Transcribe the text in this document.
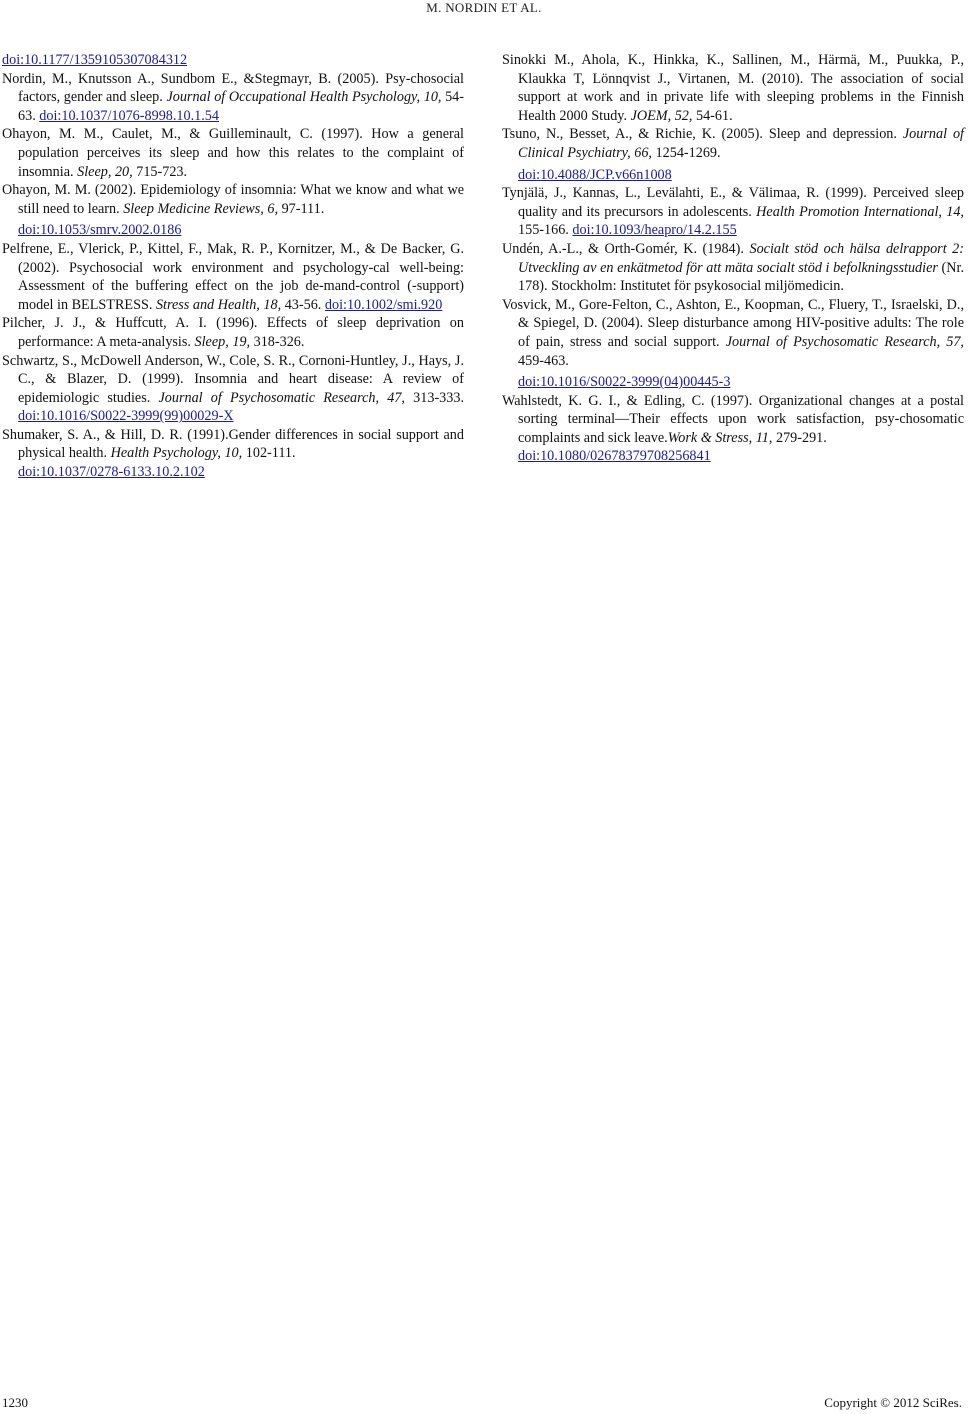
M. NORDIN ET AL.

doi:10.1177/1359105307084312

Nordin, M., Knutsson A., Sundbom E., &Stegmayr, B. (2005). Psy-chosocial factors, gender and sleep. Journal of Occupational Health Psychology, 10, 54-63. doi:10.1037/1076-8998.10.1.54

Ohayon, M. M., Caulet, M., & Guilleminault, C. (1997). How a general population perceives its sleep and how this relates to the complaint of insomnia. Sleep, 20, 715-723.

Ohayon, M. M. (2002). Epidemiology of insomnia: What we know and what we still need to learn. Sleep Medicine Reviews, 6, 97-111.
doi:10.1053/smrv.2002.0186

Pelfrene, E., Vlerick, P., Kittel, F., Mak, R. P., Kornitzer, M., & De Backer, G. (2002). Psychosocial work environment and psychology-cal well-being: Assessment of the buffering effect on the job de-mand-control (-support) model in BELSTRESS. Stress and Health, 18, 43-56. doi:10.1002/smi.920

Pilcher, J. J., & Huffcutt, A. I. (1996). Effects of sleep deprivation on performance: A meta-analysis. Sleep, 19, 318-326.

Schwartz, S., McDowell Anderson, W., Cole, S. R., Cornoni-Huntley, J., Hays, J. C., & Blazer, D. (1999). Insomnia and heart disease: A review of epidemiologic studies. Journal of Psychosomatic Research, 47, 313-333. doi:10.1016/S0022-3999(99)00029-X

Shumaker, S. A., & Hill, D. R. (1991).Gender differences in social support and physical health. Health Psychology, 10, 102-111.
doi:10.1037/0278-6133.10.2.102

Sinokki M., Ahola, K., Hinkka, K., Sallinen, M., Härmä, M., Puukka, P., Klaukka T, Lönnqvist J., Virtanen, M. (2010). The association of social support at work and in private life with sleeping problems in the Finnish Health 2000 Study. JOEM, 52, 54-61.

Tsuno, N., Besset, A., & Richie, K. (2005). Sleep and depression. Journal of Clinical Psychiatry, 66, 1254-1269.
doi:10.4088/JCP.v66n1008

Tynjälä, J., Kannas, L., Levälahti, E., & Välimaa, R. (1999). Perceived sleep quality and its precursors in adolescents. Health Promotion International, 14, 155-166. doi:10.1093/heapro/14.2.155

Undén, A.-L., & Orth-Gomér, K. (1984). Socialt stöd och hälsa delrapport 2: Utveckling av en enkätmetod för att mäta socialt stöd i befolkningsstudier (Nr. 178). Stockholm: Institutet för psykosocial miljömedicin.

Vosvick, M., Gore-Felton, C., Ashton, E., Koopman, C., Fluery, T., Israelski, D., & Spiegel, D. (2004). Sleep disturbance among HIV-positive adults: The role of pain, stress and social support. Journal of Psychosomatic Research, 57, 459-463.
doi:10.1016/S0022-3999(04)00445-3

Wahlstedt, K. G. I., & Edling, C. (1997). Organizational changes at a postal sorting terminal—Their effects upon work satisfaction, psy-chosomatic complaints and sick leave.Work & Stress, 11, 279-291.
doi:10.1080/02678379708256841

1230	Copyright © 2012 SciRes.
